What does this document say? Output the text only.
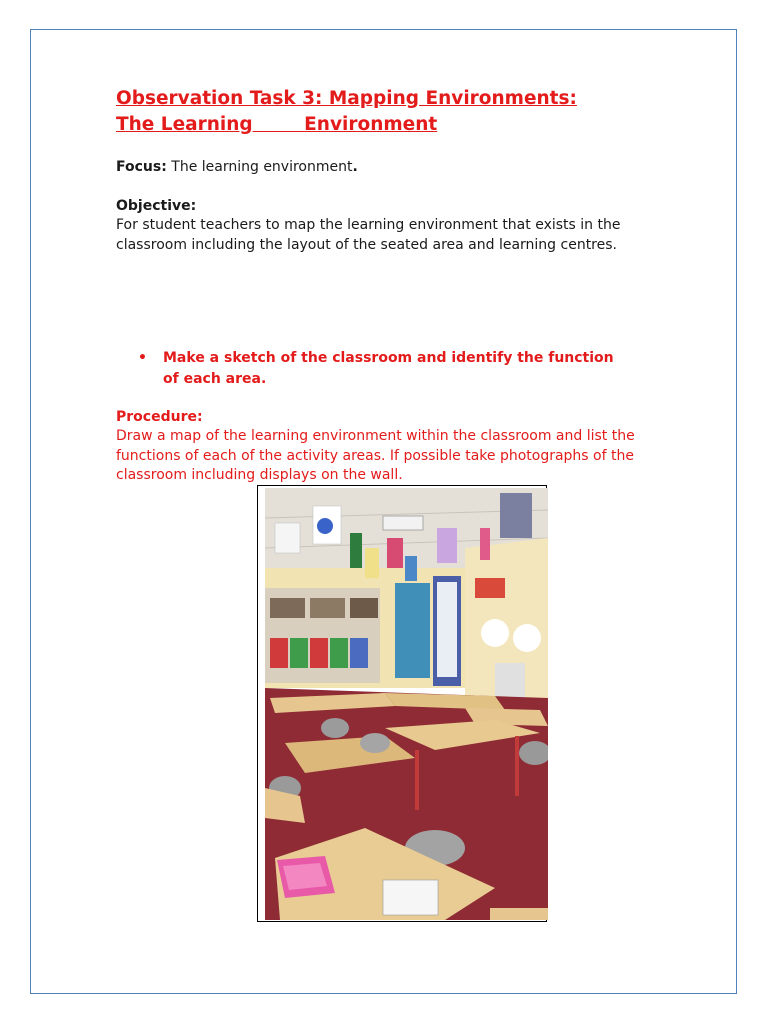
Observation Task 3: Mapping Environments:
The Learning        Environment
Focus: The learning environment.
Objective:
For student teachers to map the learning environment that exists in the classroom including the layout of the seated area and learning centres.
• Make a sketch of the classroom and identify the function of each area.
Procedure:
Draw a map of the learning environment within the classroom and list the functions of each of the activity areas. If possible take photographs of the classroom including displays on the wall.
